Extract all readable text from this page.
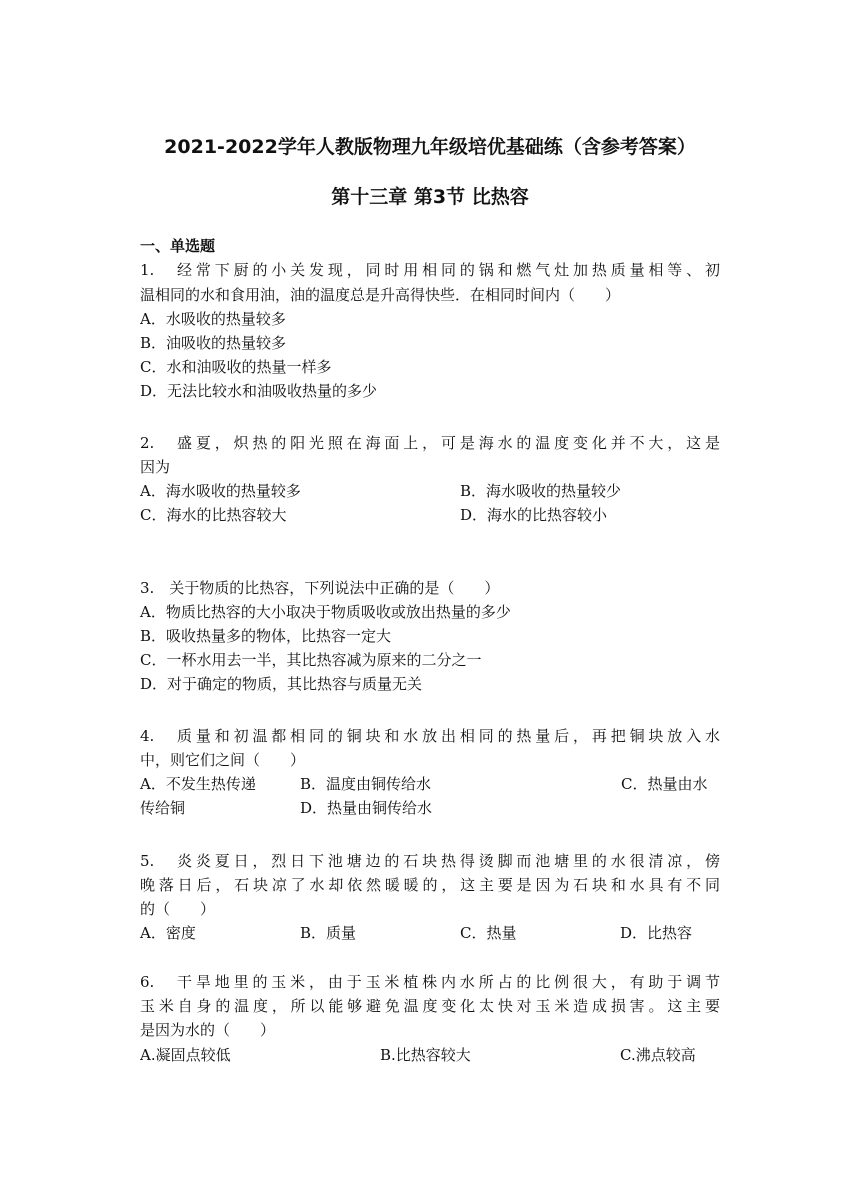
2021-2022学年人教版物理九年级培优基础练（含参考答案）
第十三章 第3节 比热容
一、单选题
1.　经常下厨的小关发现，同时用相同的锅和燃气灶加热质量相等、初
温相同的水和食用油，油的温度总是升高得快些．在相同时间内（　　）
A．水吸收的热量较多
B．油吸收的热量较多
C．水和油吸收的热量一样多
D．无法比较水和油吸收热量的多少
2.　盛夏，炽热的阳光照在海面上，可是海水的温度变化并不大，这是
因为
A．海水吸收的热量较多	B．海水吸收的热量较少
C．海水的比热容较大	D．海水的比热容较小
3.　关于物质的比热容，下列说法中正确的是（　　）
A．物质比热容的大小取决于物质吸收或放出热量的多少
B．吸收热量多的物体，比热容一定大
C．一杯水用去一半，其比热容减为原来的二分之一
D．对于确定的物质，其比热容与质量无关
4.　质量和初温都相同的铜块和水放出相同的热量后，再把铜块放入水
中，则它们之间（　　）
A．不发生热传递	B．温度由铜传给水	C．热量由水
传给铜	D．热量由铜传给水
5.　炎炎夏日，烈日下池塘边的石块热得烫脚而池塘里的水很清凉，傍
晚落日后，石块凉了水却依然暖暖的，这主要是因为石块和水具有不同
的（　　）
A．密度	B．质量	C．热量	D．比热容
6.　干旱地里的玉米，由于玉米植株内水所占的比例很大，有助于调节
玉米自身的温度，所以能够避免温度变化太快对玉米造成损害。这主要
是因为水的（　　）
A.凝固点较低	B.比热容较大	C.沸点较高
